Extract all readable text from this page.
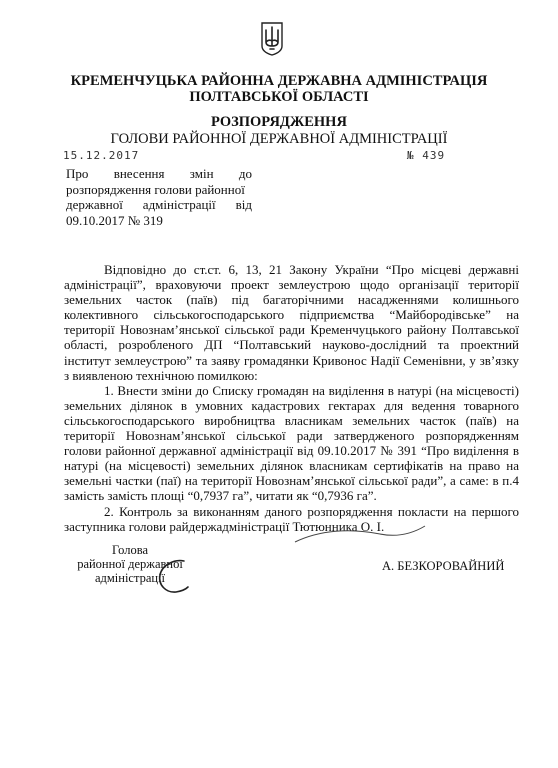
КРЕМЕНЧУЦЬКА РАЙОННА ДЕРЖАВНА АДМІНІСТРАЦІЯ
ПОЛТАВСЬКОЇ ОБЛАСТІ
РОЗПОРЯДЖЕННЯ
ГОЛОВИ РАЙОННОЇ ДЕРЖАВНОЇ АДМІНІСТРАЦІЇ
15.12.2017	№ 439
Про внесення змін до
розпорядження голови районної
державної адміністрації від
09.10.2017 № 319

Відповідно до ст.ст. 6, 13, 21 Закону України “Про місцеві державні адміністрації”, враховуючи проект землеустрою щодо організації території земельних часток (паїв) під багаторічними насадженнями колишнього колективного сільськогосподарського підприємства “Майбородівське” на території Новознам’янської сільської ради Кременчуцького району Полтавської області, розробленого ДП “Полтавський науково-дослідний та проектний інститут землеустрою” та заяву громадянки Кривонос Надії Семенівни, у зв’язку з виявленою технічною помилкою:

1. Внести зміни до Списку громадян на виділення в натурі (на місцевості) земельних ділянок в умовних кадастрових гектарах для ведення товарного сільськогосподарського виробництва власникам земельних часток (паїв) на території Новознам’янської сільської ради затвердженого розпорядженням голови районної державної адміністрації від 09.10.2017 № 391 “Про виділення в натурі (на місцевості) земельних ділянок власникам сертифікатів на право на земельні частки (паї) на території Новознам’янської сільської ради”, а саме: в п.4 замість замість площі “0,7937 га”, читати як “0,7936 га”.

2. Контроль за виконанням даного розпорядження покласти на першого заступника голови райдержадміністрації Тютюнника О. І.

Голова
районної державної
адміністрації
А. БЕЗКОРОВАЙНИЙ
